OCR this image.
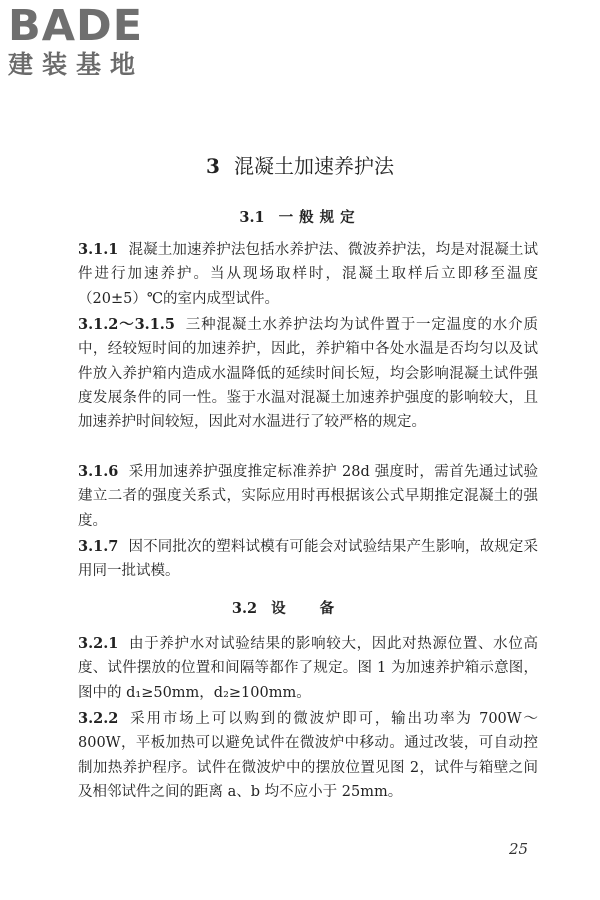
BADE
建装基地
3 混凝土加速养护法
3.1 一般规定
3.1.1 混凝土加速养护法包括水养护法、微波养护法，均是对混凝土试件进行加速养护。当从现场取样时，混凝土取样后立即移至温度（20±5）℃的室内成型试件。
3.1.2～3.1.5 三种混凝土水养护法均为试件置于一定温度的水介质中，经较短时间的加速养护，因此，养护箱中各处水温是否均匀以及试件放入养护箱内造成水温降低的延续时间长短，均会影响混凝土试件强度发展条件的同一性。鉴于水温对混凝土加速养护强度的影响较大，且加速养护时间较短，因此对水温进行了较严格的规定。
3.1.6 采用加速养护强度推定标准养护 28d 强度时，需首先通过试验建立二者的强度关系式，实际应用时再根据该公式早期推定混凝土的强度。
3.1.7 因不同批次的塑料试模有可能会对试验结果产生影响，故规定采用同一批试模。
3.2 设备
3.2.1 由于养护水对试验结果的影响较大，因此对热源位置、水位高度、试件摆放的位置和间隔等都作了规定。图 1 为加速养护箱示意图，图中的 d₁≥50mm，d₂≥100mm。
3.2.2 采用市场上可以购到的微波炉即可，输出功率为 700W～800W，平板加热可以避免试件在微波炉中移动。通过改装，可自动控制加热养护程序。试件在微波炉中的摆放位置见图 2，试件与箱壁之间及相邻试件之间的距离 a、b 均不应小于 25mm。
25
